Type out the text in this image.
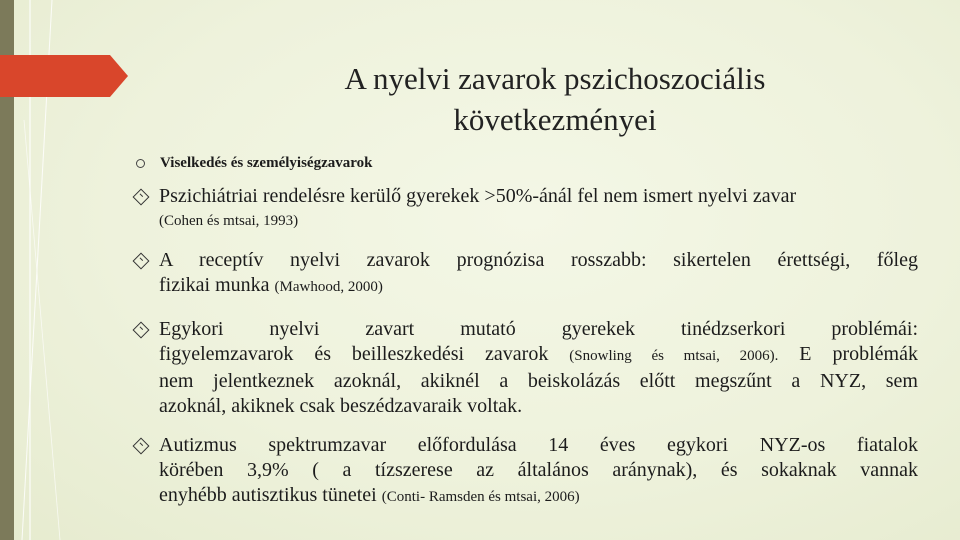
A nyelvi zavarok pszichoszociális
következményei
Viselkedés és személyiségzavarok
Pszichiátriai rendelésre kerülő gyerekek >50%-ánál fel nem ismert nyelvi zavar
(Cohen és mtsai, 1993)
A receptív nyelvi zavarok prognózisa rosszabb: sikertelen érettségi, főleg
fizikai munka (Mawhood, 2000)
Egykori nyelvi zavart mutató gyerekek tinédzserkori problémái:
figyelemzavarok és beilleszkedési zavarok (Snowling és mtsai, 2006). E problémák
nem jelentkeznek azoknál, akiknél a beiskolázás előtt megszűnt a NYZ, sem
azoknál, akiknek csak beszédzavaraik voltak.
Autizmus spektrumzavar előfordulása 14 éves egykori NYZ-os fiatalok
körében 3,9% ( a tízszerese az általános aránynak), és sokaknak vannak
enyhébb autisztikus tünetei (Conti- Ramsden és mtsai, 2006)
